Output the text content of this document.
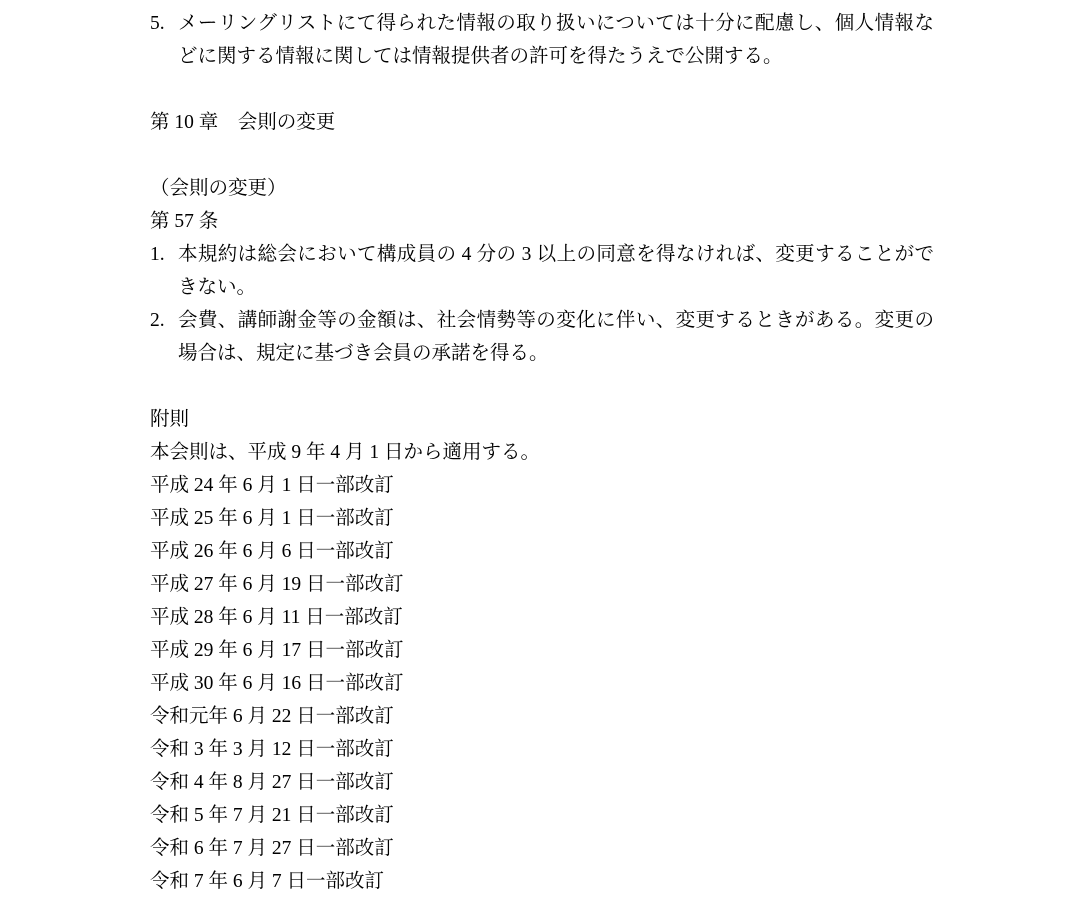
5. メーリングリストにて得られた情報の取り扱いについては十分に配慮し、個人情報などに関する情報に関しては情報提供者の許可を得たうえで公開する。
第 10 章　会則の変更
（会則の変更）
第 57 条
1. 本規約は総会において構成員の 4 分の 3 以上の同意を得なければ、変更することができない。
2. 会費、講師謝金等の金額は、社会情勢等の変化に伴い、変更するときがある。変更の場合は、規定に基づき会員の承諾を得る。
附則
本会則は、平成 9 年 4 月 1 日から適用する。
平成 24 年 6 月 1 日一部改訂
平成 25 年 6 月 1 日一部改訂
平成 26 年 6 月 6 日一部改訂
平成 27 年 6 月 19 日一部改訂
平成 28 年 6 月 11 日一部改訂
平成 29 年 6 月 17 日一部改訂
平成 30 年 6 月 16 日一部改訂
令和元年 6 月 22 日一部改訂
令和 3 年 3 月 12 日一部改訂
令和 4 年 8 月 27 日一部改訂
令和 5 年 7 月 21 日一部改訂
令和 6 年 7 月 27 日一部改訂
令和 7 年 6 月 7 日一部改訂
